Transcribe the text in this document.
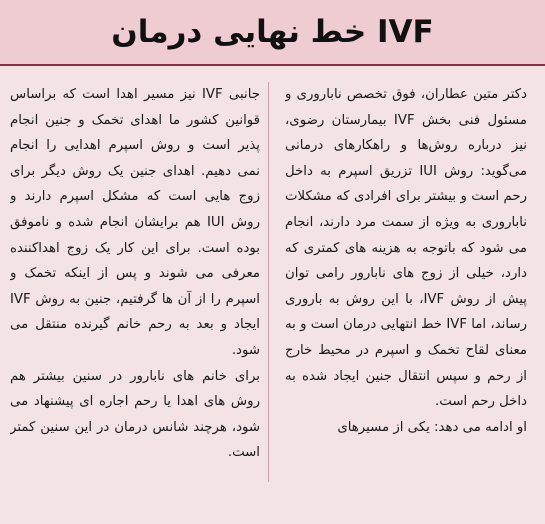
IVF خط نهایی درمان

دکتر متین عطاران، فوق تخصص ناباروری و مسئول فنی بخش IVF بیمارستان رضوی، نیز درباره روش‌ها و راهکارهای درمانی می‌گوید: روش IUI تزریق اسپرم به داخل رحم است و بیشتر برای افرادی که مشکلات ناباروری به ویژه از سمت مرد دارند، انجام می شود که باتوجه به هزینه های کمتری که دارد، خیلی از زوج های نابارور رامی توان پیش از روش IVF، با این روش به باروری رساند، اما IVF خط انتهایی درمان است و به معنای لقاح تخمک و اسپرم در محیط خارج از رحم و سپس انتقال جنین ایجاد شده به داخل رحم است.

او ادامه می دهد: یکی از مسیرهای

جانبی IVF نیز مسیر اهدا است که براساس قوانین کشور ما اهدای تخمک و جنین انجام پذیر است و روش اسپرم اهدایی را انجام نمی دهیم. اهدای جنین یک روش دیگر برای زوج هایی است که مشکل اسپرم دارند و روش IUI هم برایشان انجام شده و ناموفق بوده است. برای این کار یک زوج اهداکننده معرفی می شوند و پس از اینکه تخمک و اسپرم را از آن ها گرفتیم، جنین به روش IVF ایجاد و بعد به رحم خانم گیرنده منتقل می شود.

برای خانم های نابارور در سنین بیشتر هم روش های اهدا یا رحم اجاره ای پیشنهاد می شود، هرچند شانس درمان در این سنین کمتر است.
